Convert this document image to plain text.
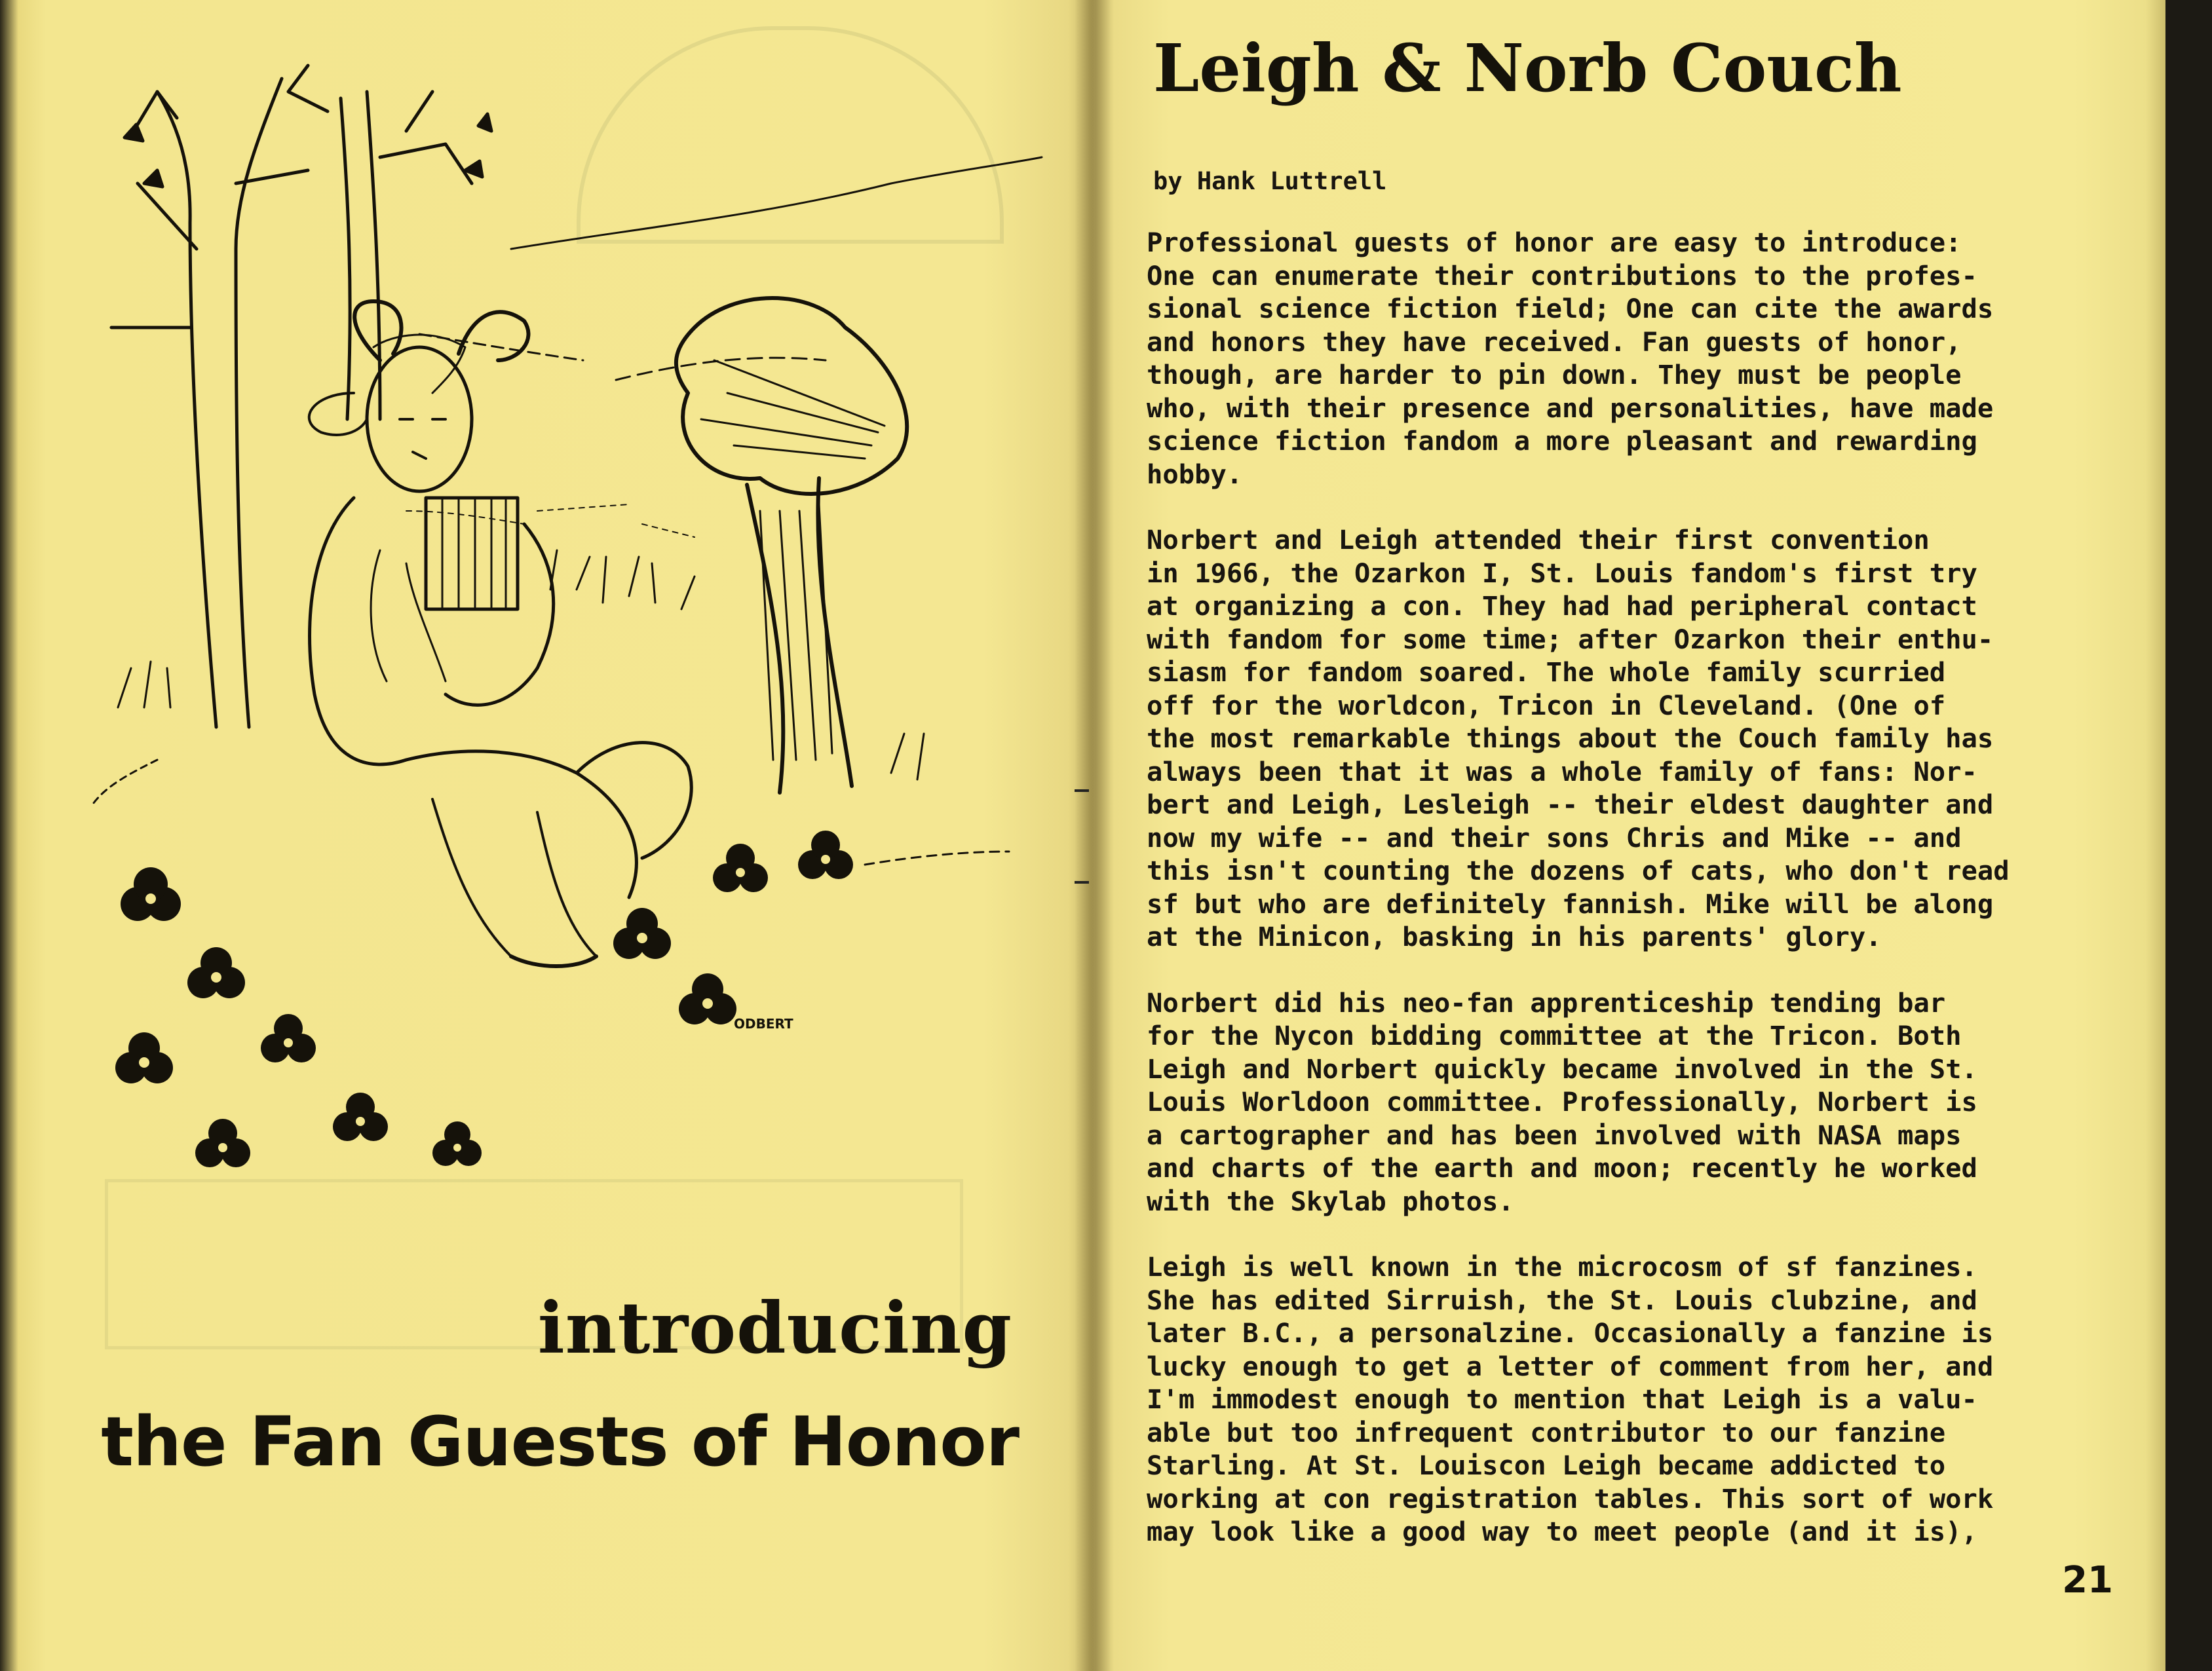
ODBERT
introducing
the Fan Guests of Honor
Leigh & Norb Couch

by Hank Luttrell

Professional guests of honor are easy to introduce:
One can enumerate their contributions to the profes-
sional science fiction field; One can cite the awards
and honors they have received. Fan guests of honor,
though, are harder to pin down. They must be people
who, with their presence and personalities, have made
science fiction fandom a more pleasant and rewarding
hobby.

Norbert and Leigh attended their first convention
in 1966, the Ozarkon I, St. Louis fandom's first try
at organizing a con. They had had peripheral contact
with fandom for some time; after Ozarkon their enthu-
siasm for fandom soared. The whole family scurried
off for the worldcon, Tricon in Cleveland. (One of
the most remarkable things about the Couch family has
always been that it was a whole family of fans: Nor-
bert and Leigh, Lesleigh -- their eldest daughter and
now my wife -- and their sons Chris and Mike -- and
this isn't counting the dozens of cats, who don't read
sf but who are definitely fannish. Mike will be along
at the Minicon, basking in his parents' glory.

Norbert did his neo-fan apprenticeship tending bar
for the Nycon bidding committee at the Tricon. Both
Leigh and Norbert quickly became involved in the St.
Louis Worldoon committee. Professionally, Norbert is
a cartographer and has been involved with NASA maps
and charts of the earth and moon; recently he worked
with the Skylab photos.

Leigh is well known in the microcosm of sf fanzines.
She has edited Sirruish, the St. Louis clubzine, and
later B.C., a personalzine. Occasionally a fanzine is
lucky enough to get a letter of comment from her, and
I'm immodest enough to mention that Leigh is a valu-
able but too infrequent contributor to our fanzine
Starling. At St. Louiscon Leigh became addicted to
working at con registration tables. This sort of work
may look like a good way to meet people (and it is),

21
